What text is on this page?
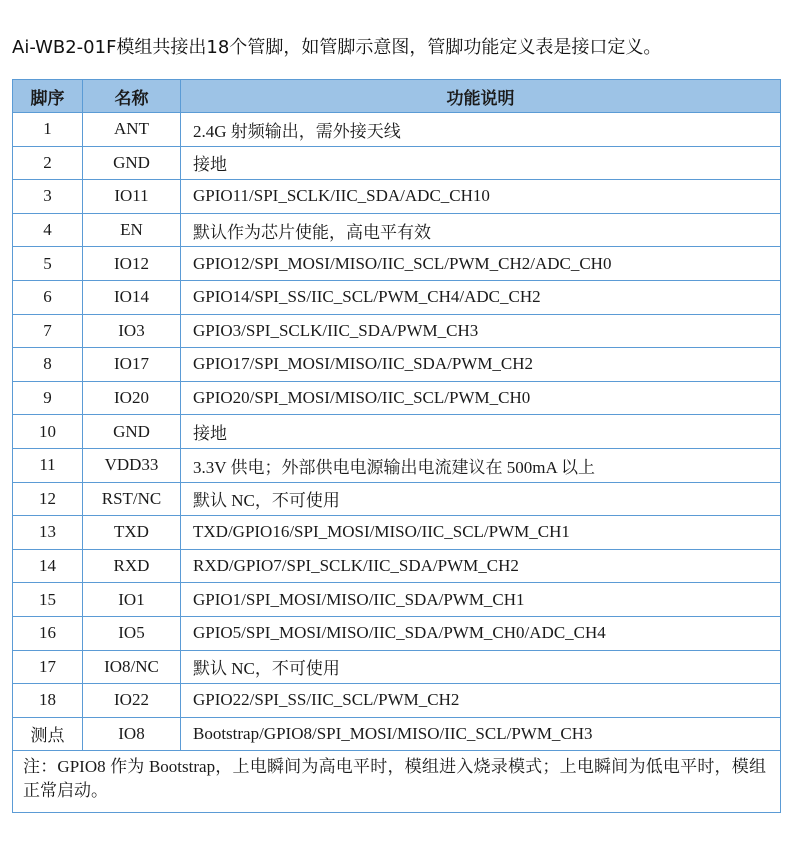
Ai-WB2-01F模组共接出18个管脚，如管脚示意图，管脚功能定义表是接口定义。
脚序	名称	功能说明
1	ANT	2.4G 射频输出，需外接天线
2	GND	接地
3	IO11	GPIO11/SPI_SCLK/IIC_SDA/ADC_CH10
4	EN	默认作为芯片使能，高电平有效
5	IO12	GPIO12/SPI_MOSI/MISO/IIC_SCL/PWM_CH2/ADC_CH0
6	IO14	GPIO14/SPI_SS/IIC_SCL/PWM_CH4/ADC_CH2
7	IO3	GPIO3/SPI_SCLK/IIC_SDA/PWM_CH3
8	IO17	GPIO17/SPI_MOSI/MISO/IIC_SDA/PWM_CH2
9	IO20	GPIO20/SPI_MOSI/MISO/IIC_SCL/PWM_CH0
10	GND	接地
11	VDD33	3.3V 供电；外部供电电源输出电流建议在 500mA 以上
12	RST/NC	默认 NC，不可使用
13	TXD	TXD/GPIO16/SPI_MOSI/MISO/IIC_SCL/PWM_CH1
14	RXD	RXD/GPIO7/SPI_SCLK/IIC_SDA/PWM_CH2
15	IO1	GPIO1/SPI_MOSI/MISO/IIC_SDA/PWM_CH1
16	IO5	GPIO5/SPI_MOSI/MISO/IIC_SDA/PWM_CH0/ADC_CH4
17	IO8/NC	默认 NC，不可使用
18	IO22	GPIO22/SPI_SS/IIC_SCL/PWM_CH2
测点	IO8	Bootstrap/GPIO8/SPI_MOSI/MISO/IIC_SCL/PWM_CH3
注：GPIO8 作为 Bootstrap，上电瞬间为高电平时，模组进入烧录模式；上电瞬间为低电平时，模组正常启动。		
